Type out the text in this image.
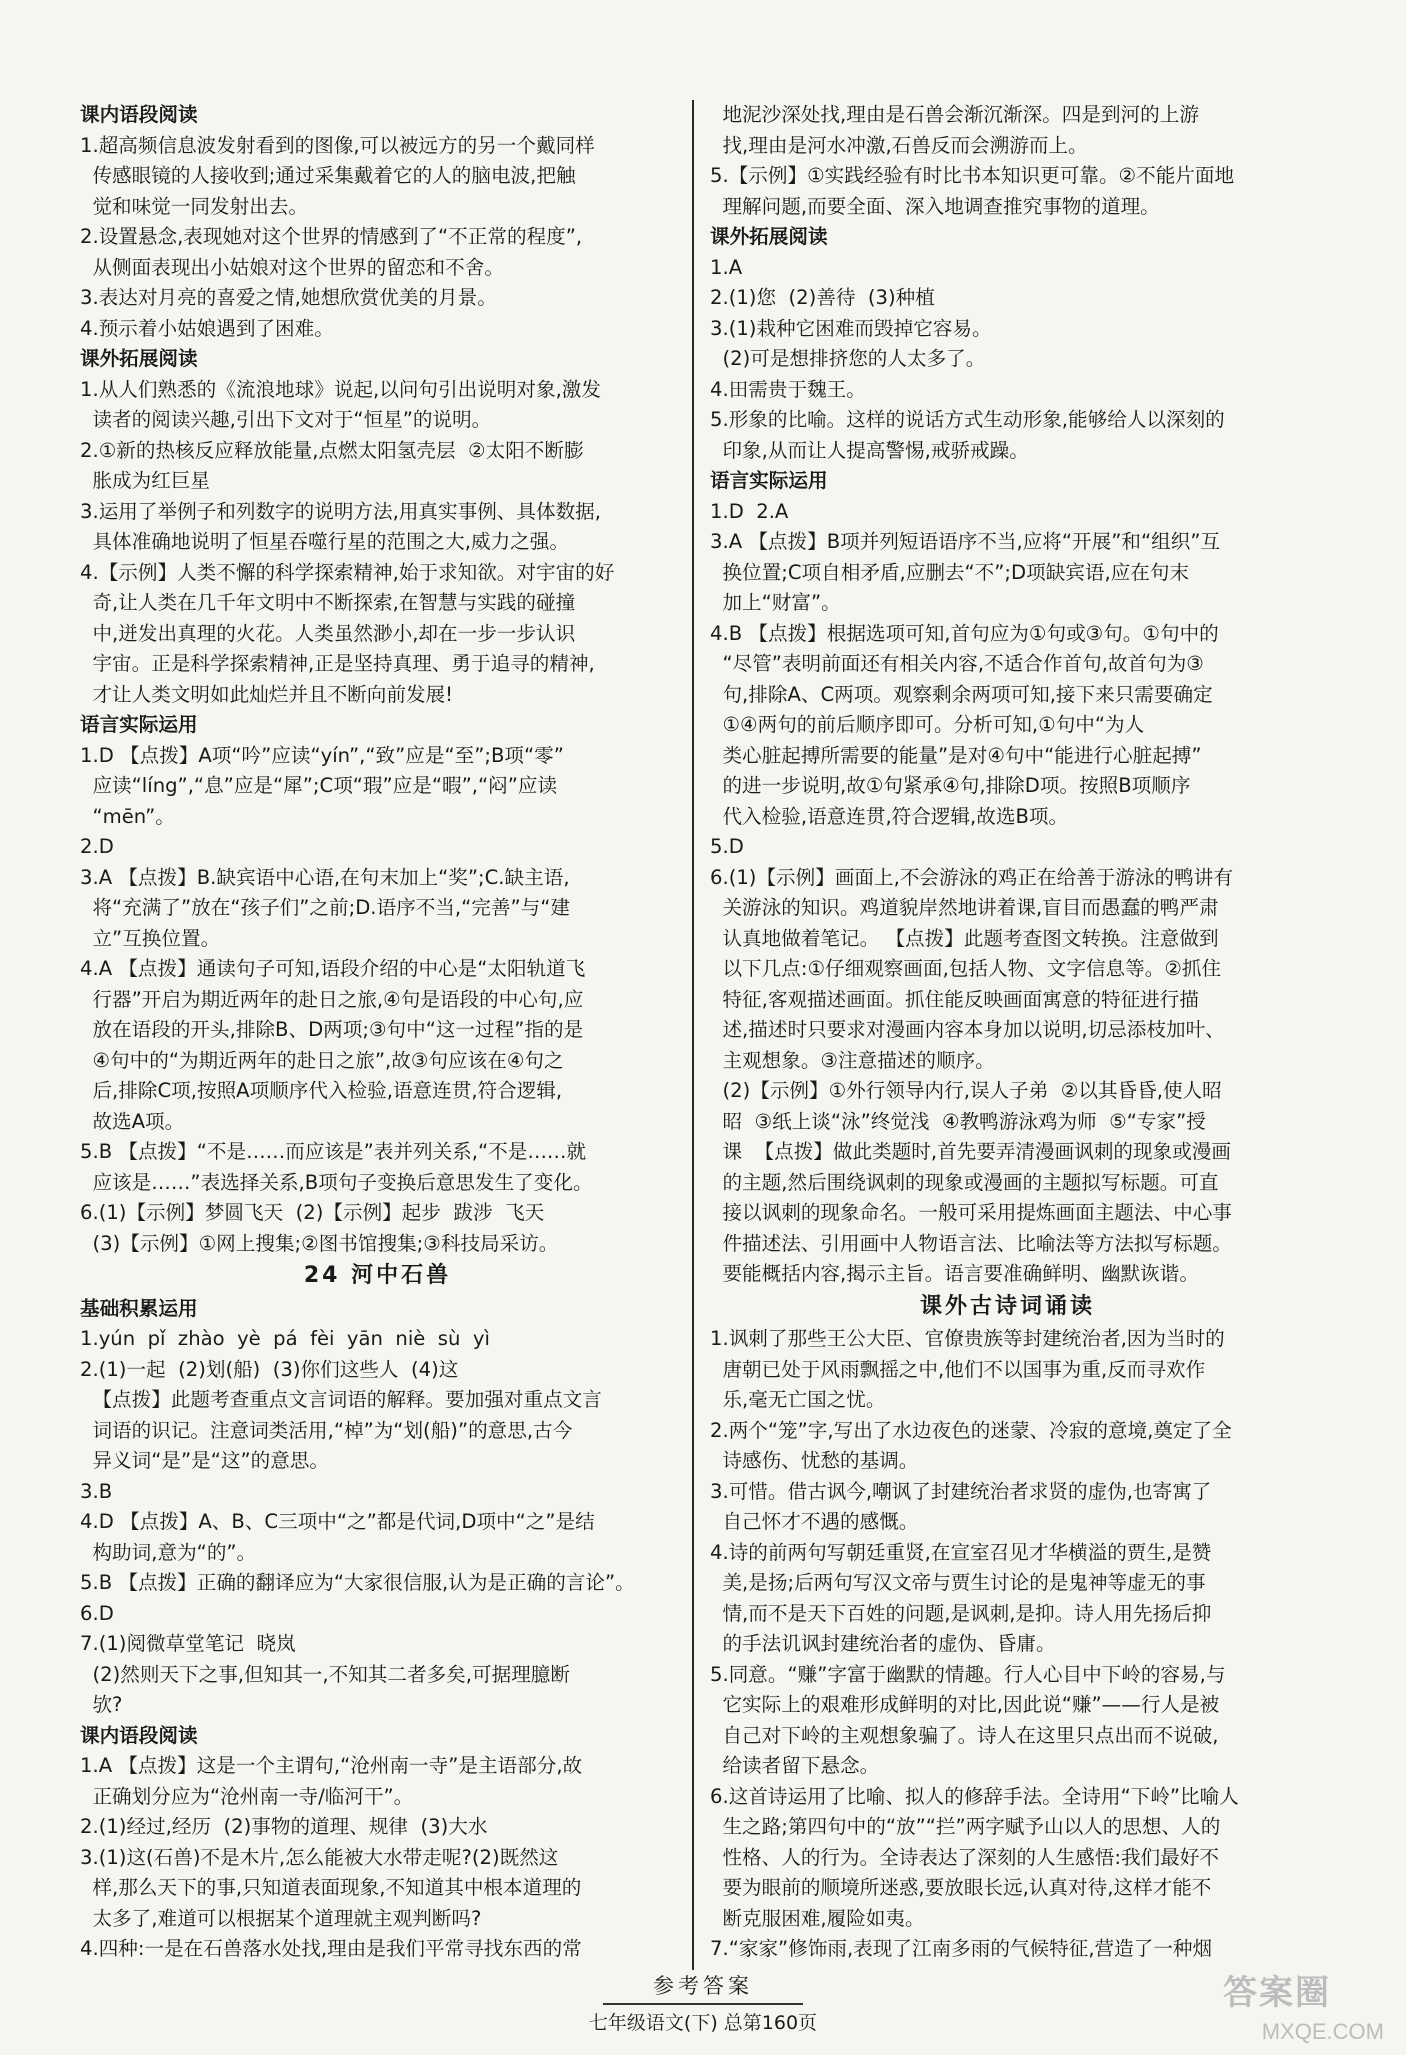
课内语段阅读
1.超高频信息波发射看到的图像,可以被远方的另一个戴同样
传感眼镜的人接收到;通过采集戴着它的人的脑电波,把触
觉和味觉一同发射出去。
2.设置悬念,表现她对这个世界的情感到了“不正常的程度”,
从侧面表现出小姑娘对这个世界的留恋和不舍。
3.表达对月亮的喜爱之情,她想欣赏优美的月景。
4.预示着小姑娘遇到了困难。
课外拓展阅读
1.从人们熟悉的《流浪地球》说起,以问句引出说明对象,激发
读者的阅读兴趣,引出下文对于“恒星”的说明。
2.①新的热核反应释放能量,点燃太阳氢壳层  ②太阳不断膨
胀成为红巨星
3.运用了举例子和列数字的说明方法,用真实事例、具体数据,
具体准确地说明了恒星吞噬行星的范围之大,威力之强。
4.【示例】人类不懈的科学探索精神,始于求知欲。对宇宙的好
奇,让人类在几千年文明中不断探索,在智慧与实践的碰撞
中,迸发出真理的火花。人类虽然渺小,却在一步一步认识
宇宙。正是科学探索精神,正是坚持真理、勇于追寻的精神,
才让人类文明如此灿烂并且不断向前发展!
语言实际运用
1.D 【点拨】A项“吟”应读“yín”,“致”应是“至”;B项“零”
应读“líng”,“息”应是“犀”;C项“瑕”应是“暇”,“闷”应读
“mēn”。
2.D
3.A 【点拨】B.缺宾语中心语,在句末加上“奖”;C.缺主语,
将“充满了”放在“孩子们”之前;D.语序不当,“完善”与“建
立”互换位置。
4.A 【点拨】通读句子可知,语段介绍的中心是“太阳轨道飞
行器”开启为期近两年的赴日之旅,④句是语段的中心句,应
放在语段的开头,排除B、D两项;③句中“这一过程”指的是
④句中的“为期近两年的赴日之旅”,故③句应该在④句之
后,排除C项,按照A项顺序代入检验,语意连贯,符合逻辑,
故选A项。
5.B 【点拨】“不是……而应该是”表并列关系,“不是……就
应该是……”表选择关系,B项句子变换后意思发生了变化。
6.(1)【示例】梦圆飞天  (2)【示例】起步  跋涉  飞天
(3)【示例】①网上搜集;②图书馆搜集;③科技局采访。
24 河中石兽
基础积累运用
1.yún  pǐ  zhào  yè  pá  fèi  yān  niè  sù  yì
2.(1)一起  (2)划(船)  (3)你们这些人  (4)这
【点拨】此题考查重点文言词语的解释。要加强对重点文言
词语的识记。注意词类活用,“棹”为“划(船)”的意思,古今
异义词“是”是“这”的意思。
3.B
4.D 【点拨】A、B、C三项中“之”都是代词,D项中“之”是结
构助词,意为“的”。
5.B 【点拨】正确的翻译应为“大家很信服,认为是正确的言论”。
6.D
7.(1)阅微草堂笔记  晓岚
(2)然则天下之事,但知其一,不知其二者多矣,可据理臆断
欤?
课内语段阅读
1.A 【点拨】这是一个主谓句,“沧州南一寺”是主语部分,故
正确划分应为“沧州南一寺/临河干”。
2.(1)经过,经历  (2)事物的道理、规律  (3)大水
3.(1)这(石兽)不是木片,怎么能被大水带走呢?(2)既然这
样,那么天下的事,只知道表面现象,不知道其中根本道理的
太多了,难道可以根据某个道理就主观判断吗?
4.四种:一是在石兽落水处找,理由是我们平常寻找东西的常

地泥沙深处找,理由是石兽会渐沉渐深。四是到河的上游
找,理由是河水冲激,石兽反而会溯游而上。
5.【示例】①实践经验有时比书本知识更可靠。②不能片面地
理解问题,而要全面、深入地调查推究事物的道理。
课外拓展阅读
1.A
2.(1)您  (2)善待  (3)种植
3.(1)栽种它困难而毁掉它容易。
(2)可是想排挤您的人太多了。
4.田需贵于魏王。
5.形象的比喻。这样的说话方式生动形象,能够给人以深刻的
印象,从而让人提高警惕,戒骄戒躁。
语言实际运用
1.D  2.A
3.A 【点拨】B项并列短语语序不当,应将“开展”和“组织”互
换位置;C项自相矛盾,应删去“不”;D项缺宾语,应在句末
加上“财富”。
4.B 【点拨】根据选项可知,首句应为①句或③句。①句中的
“尽管”表明前面还有相关内容,不适合作首句,故首句为③
句,排除A、C两项。观察剩余两项可知,接下来只需要确定
①④两句的前后顺序即可。分析可知,①句中“为人
类心脏起搏所需要的能量”是对④句中“能进行心脏起搏”
的进一步说明,故①句紧承④句,排除D项。按照B项顺序
代入检验,语意连贯,符合逻辑,故选B项。
5.D
6.(1)【示例】画面上,不会游泳的鸡正在给善于游泳的鸭讲有
关游泳的知识。鸡道貌岸然地讲着课,盲目而愚蠢的鸭严肃
认真地做着笔记。 【点拨】此题考查图文转换。注意做到
以下几点:①仔细观察画面,包括人物、文字信息等。②抓住
特征,客观描述画面。抓住能反映画面寓意的特征进行描
述,描述时只要求对漫画内容本身加以说明,切忌添枝加叶、
主观想象。③注意描述的顺序。
(2)【示例】①外行领导内行,误人子弟  ②以其昏昏,使人昭
昭  ③纸上谈“泳”终觉浅  ④教鸭游泳鸡为师  ⑤“专家”授
课  【点拨】做此类题时,首先要弄清漫画讽刺的现象或漫画
的主题,然后围绕讽刺的现象或漫画的主题拟写标题。可直
接以讽刺的现象命名。一般可采用提炼画面主题法、中心事
件描述法、引用画中人物语言法、比喻法等方法拟写标题。
要能概括内容,揭示主旨。语言要准确鲜明、幽默诙谐。
课外古诗词诵读
1.讽刺了那些王公大臣、官僚贵族等封建统治者,因为当时的
唐朝已处于风雨飘摇之中,他们不以国事为重,反而寻欢作
乐,毫无亡国之忧。
2.两个“笼”字,写出了水边夜色的迷蒙、冷寂的意境,奠定了全
诗感伤、忧愁的基调。
3.可惜。借古讽今,嘲讽了封建统治者求贤的虚伪,也寄寓了
自己怀才不遇的感慨。
4.诗的前两句写朝廷重贤,在宣室召见才华横溢的贾生,是赞
美,是扬;后两句写汉文帝与贾生讨论的是鬼神等虚无的事
情,而不是天下百姓的问题,是讽刺,是抑。诗人用先扬后抑
的手法讥讽封建统治者的虚伪、昏庸。
5.同意。“赚”字富于幽默的情趣。行人心目中下岭的容易,与
它实际上的艰难形成鲜明的对比,因此说“赚”——行人是被
自己对下岭的主观想象骗了。诗人在这里只点出而不说破,
给读者留下悬念。
6.这首诗运用了比喻、拟人的修辞手法。全诗用“下岭”比喻人
生之路;第四句中的“放”“拦”两字赋予山以人的思想、人的
性格、人的行为。全诗表达了深刻的人生感悟:我们最好不
要为眼前的顺境所迷惑,要放眼长远,认真对待,这样才能不
断克服困难,履险如夷。
7.“家家”修饰雨,表现了江南多雨的气候特征,营造了一种烟

参考答案
七年级语文(下) 总第160页
答案圈
MXQE.COM
